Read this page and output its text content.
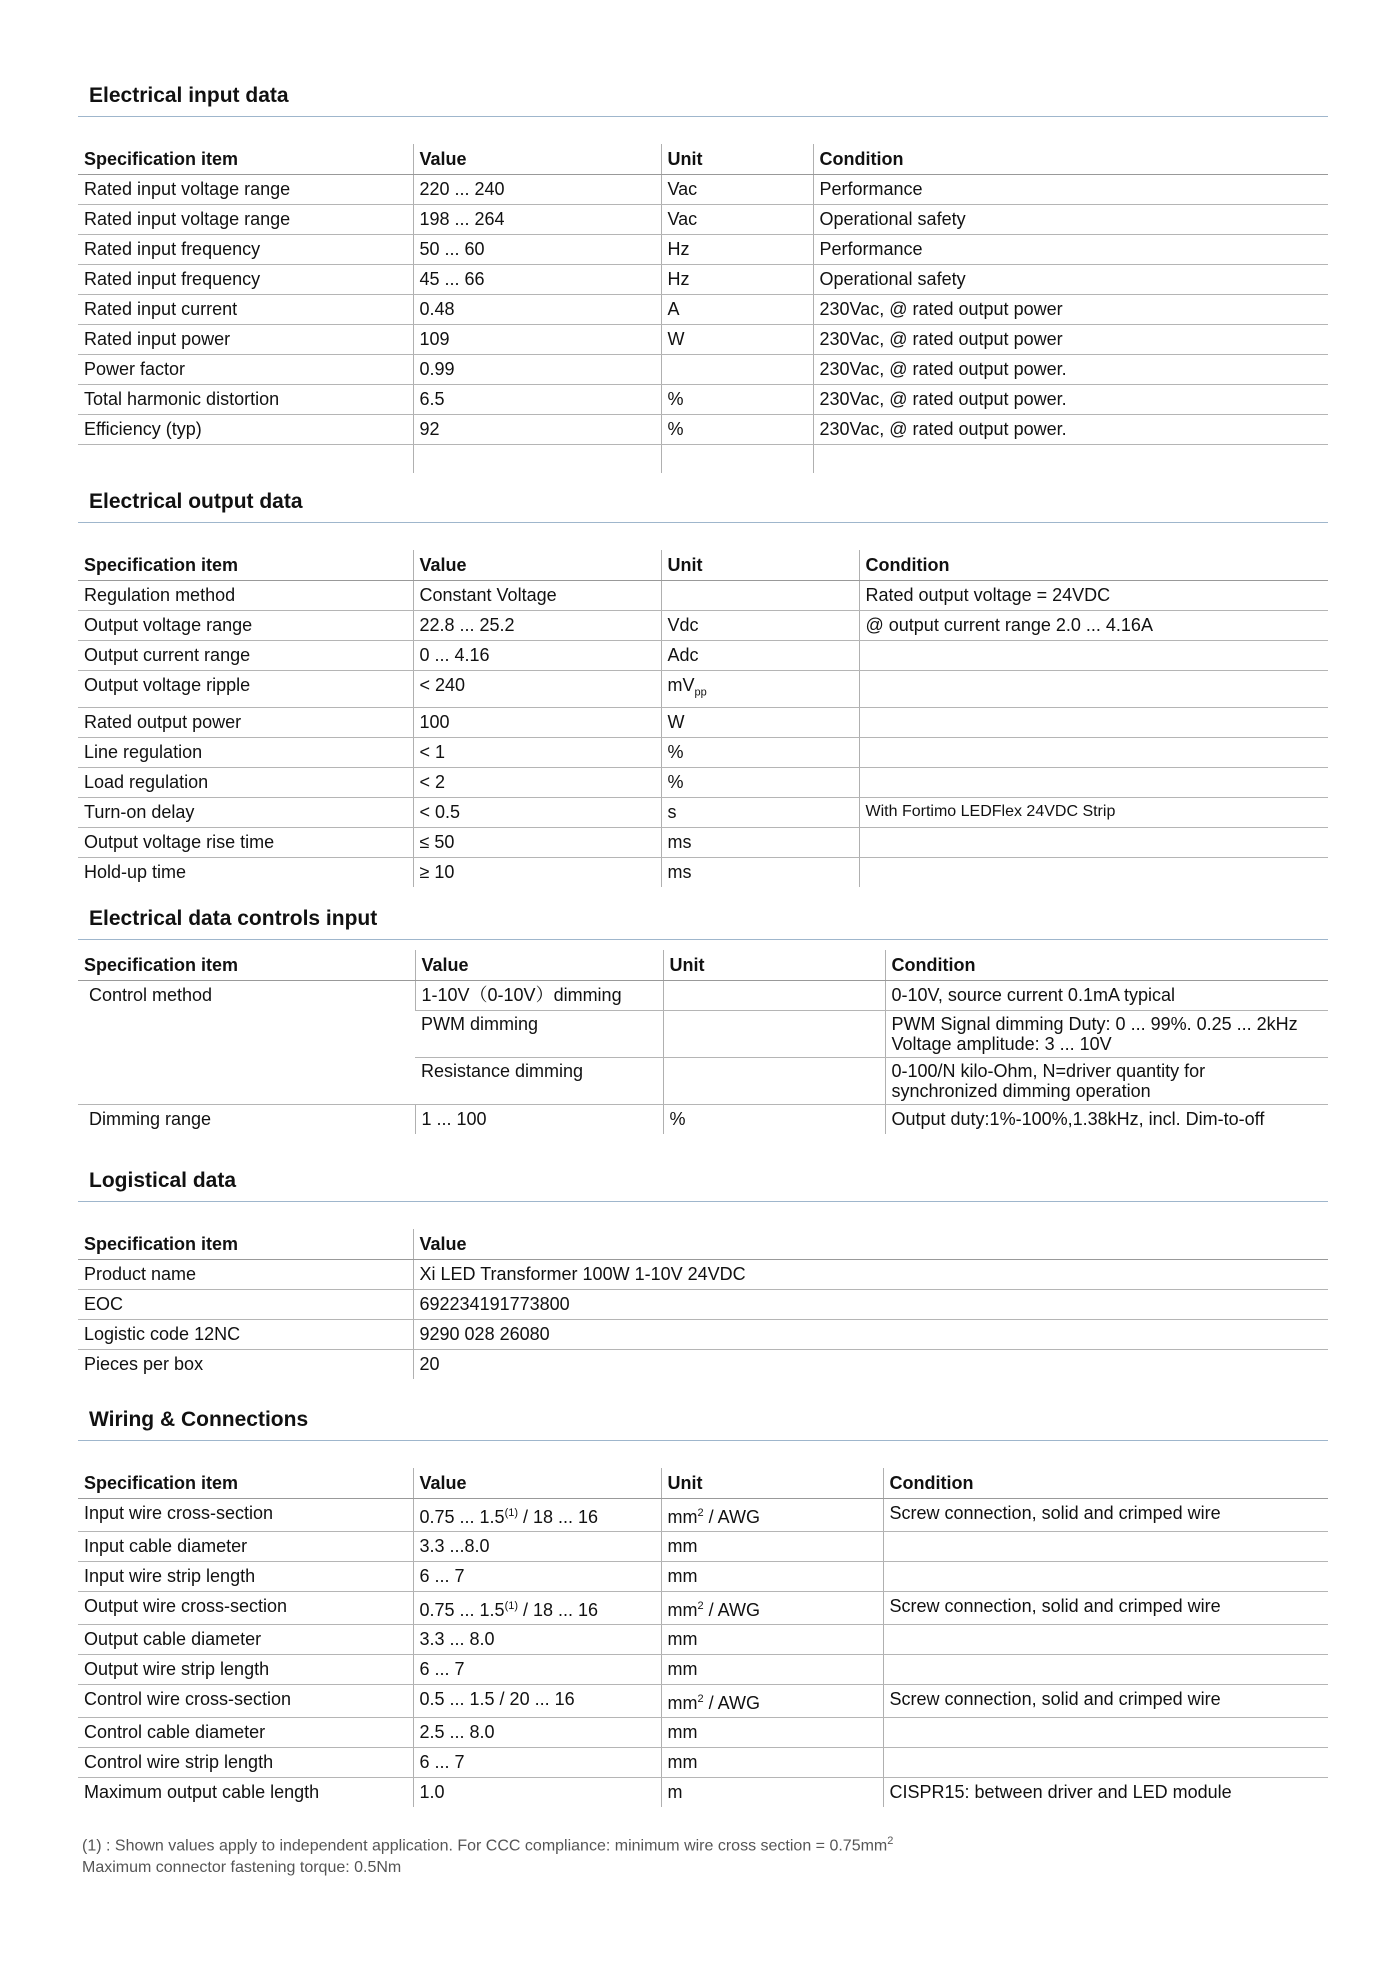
Electrical input data
Specification item	Value	Unit	Condition
Rated input voltage range	220 ... 240	Vac	Performance
Rated input voltage range	198 ... 264	Vac	Operational safety
Rated input frequency	50 ... 60	Hz	Performance
Rated input frequency	45 ... 66	Hz	Operational safety
Rated input current	0.48	A	230Vac, @ rated output power
Rated input power	109	W	230Vac, @ rated output power
Power factor	0.99		230Vac, @ rated output power.
Total harmonic distortion	6.5	%	230Vac, @ rated output power.
Efficiency (typ)	92	%	230Vac, @ rated output power.

Electrical output data
Specification item	Value	Unit	Condition
Regulation method	Constant Voltage		Rated output voltage = 24VDC
Output voltage range	22.8 ... 25.2	Vdc	@ output current range 2.0 ... 4.16A
Output current range	0 ... 4.16	Adc	
Output voltage ripple	< 240	$mV_{pp}$	
Rated output power	100	W	
Line regulation	< 1	%	
Load regulation	< 2	%	
Turn-on delay	< 0.5	s	With Fortimo LEDFlex 24VDC Strip
Output voltage rise time	≤ 50	ms	
Hold-up time	≥ 10	ms	
Electrical data controls input
Specification item	Value	Unit	Condition
Control method	1-10V（0-10V）dimming		0-10V, source current 0.1mA typical
	PWM dimming		PWM Signal dimming Duty: 0 ... 99%. 0.25 ... 2kHz
Voltage amplitude: 3 ... 10V

	Resistance dimming		0-100/N kilo-Ohm, N=driver quantity for
synchronized dimming operation

Dimming range	1 ... 100	%	Output duty:1%-100%,1.38kHz, incl. Dim-to-off
Logistical data
Specification item	Value
Product name	Xi LED Transformer 100W 1-10V 24VDC
EOC	692234191773800
Logistic code 12NC	9290 028 26080
Pieces per box	20
Wiring & Connections
Specification item	Value	Unit	Condition
Input wire cross-section	0.75 ... 1.5$^{(1)}$ / 18 ... 16	$mm^2$ / AWG	Screw connection, solid and crimped wire
Input cable diameter	3.3 ...8.0	mm	
Input wire strip length	6 ... 7	mm	
Output wire cross-section	0.75 ... 1.5$^{(1)}$ / 18 ... 16	$mm^2$ / AWG	Screw connection, solid and crimped wire
Output cable diameter	3.3 ... 8.0	mm	
Output wire strip length	6 ... 7	mm	
Control wire cross-section	0.5 ... 1.5 / 20 ... 16	$mm^2$ / AWG	Screw connection, solid and crimped wire
Control cable diameter	2.5 ... 8.0	mm	
Control wire strip length	6 ... 7	mm	
Maximum output cable length	1.0	m	CISPR15: between driver and LED module
(1) : Shown values apply to independent application. For CCC compliance: minimum wire cross section = $0.75mm^2$
Maximum connector fastening torque: 0.5Nm
